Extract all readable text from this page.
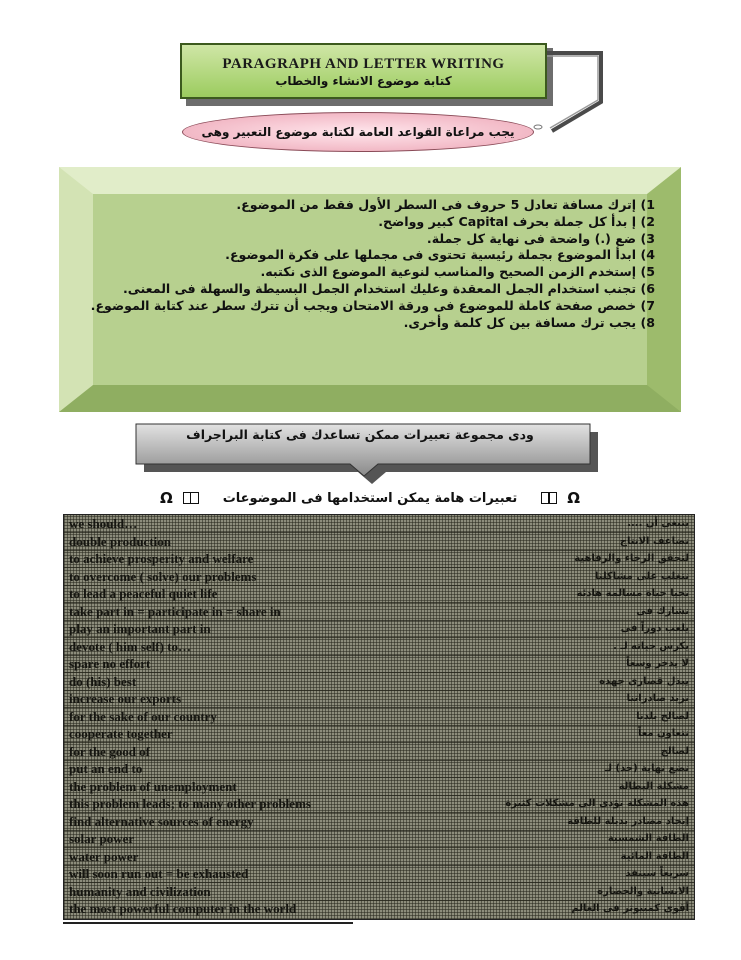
PARAGRAPH AND LETTER WRITING
كتابة موضوع الانشاء والخطاب
يجب مراعاة القواعد العامة لكتابة موضوع التعبير وهى
1) إترك مسافة تعادل 5 حروف فى السطر الأول فقط من الموضوع.
2) إ بدأ كل جملة بحرف Capital كبير وواضح.
3) ضع (.) واضحة فى نهاية كل جملة.
4) ابدأ الموضوع بجملة رئيسية تحتوى فى مجملها على فكرة الموضوع.
5) إستخدم الزمن الصحيح والمناسب لنوعية الموضوع الذى نكتبه.
6) تجنب استخدام الجمل المعقدة وعليك استخدام الجمل البسيطة والسهلة فى المعنى.
7) خصص صفحة كاملة للموضوع فى ورقة الامتحان ويجب أن تترك سطر عند كتابة الموضوع.
8) يجب ترك مسافة بين كل كلمة وأخرى.
ودى مجموعة تعبيرات ممكن تساعدك فى كتابة البراجراف
Ω	تعبيرات هامة يمكن استخدامها فى الموضوعات	Ω
we should…	ينبغى أن ....
double production	نضاعف الانتاج
to achieve prosperity and welfare	لتحقق الرخاء والرفاهية
to overcome ( solve) our problems	نتغلب على مشاكلنا
to lead a peaceful quiet life	نحيا حياة مسالمة هادئة
take part in = participate in = share in	نشارك فى
play an important part in	يلعب دوراً فى
devote ( him self) to…	يكرس حياته لـ .
spare no effort	لا يدخر وسعاً
do (his) best	يبذل قصارى جهده
increase our exports	نزيد صادراتنا
for the sake of our country	لصالح بلدنا
cooperate together	نتعاون معاً
for the good of	لصالح
put an end to	نضع نهاية (حد) لـ
the problem of unemployment	مشكلة البطالة
this problem leads; to many other problems	هذه المشكلة تؤدى الى مشكلات كثيرة
find alternative sources of energy	إيجاد مصادر بديلة للطاقة
solar power	الطاقة الشمسية
water power	الطاقة المائية
will soon run out = be exhausted	سريعاً سينفذ
humanity and civilization	الانسانية والحضارة
the most powerful computer in the world	أقوى كمبيوتر فى العالم
